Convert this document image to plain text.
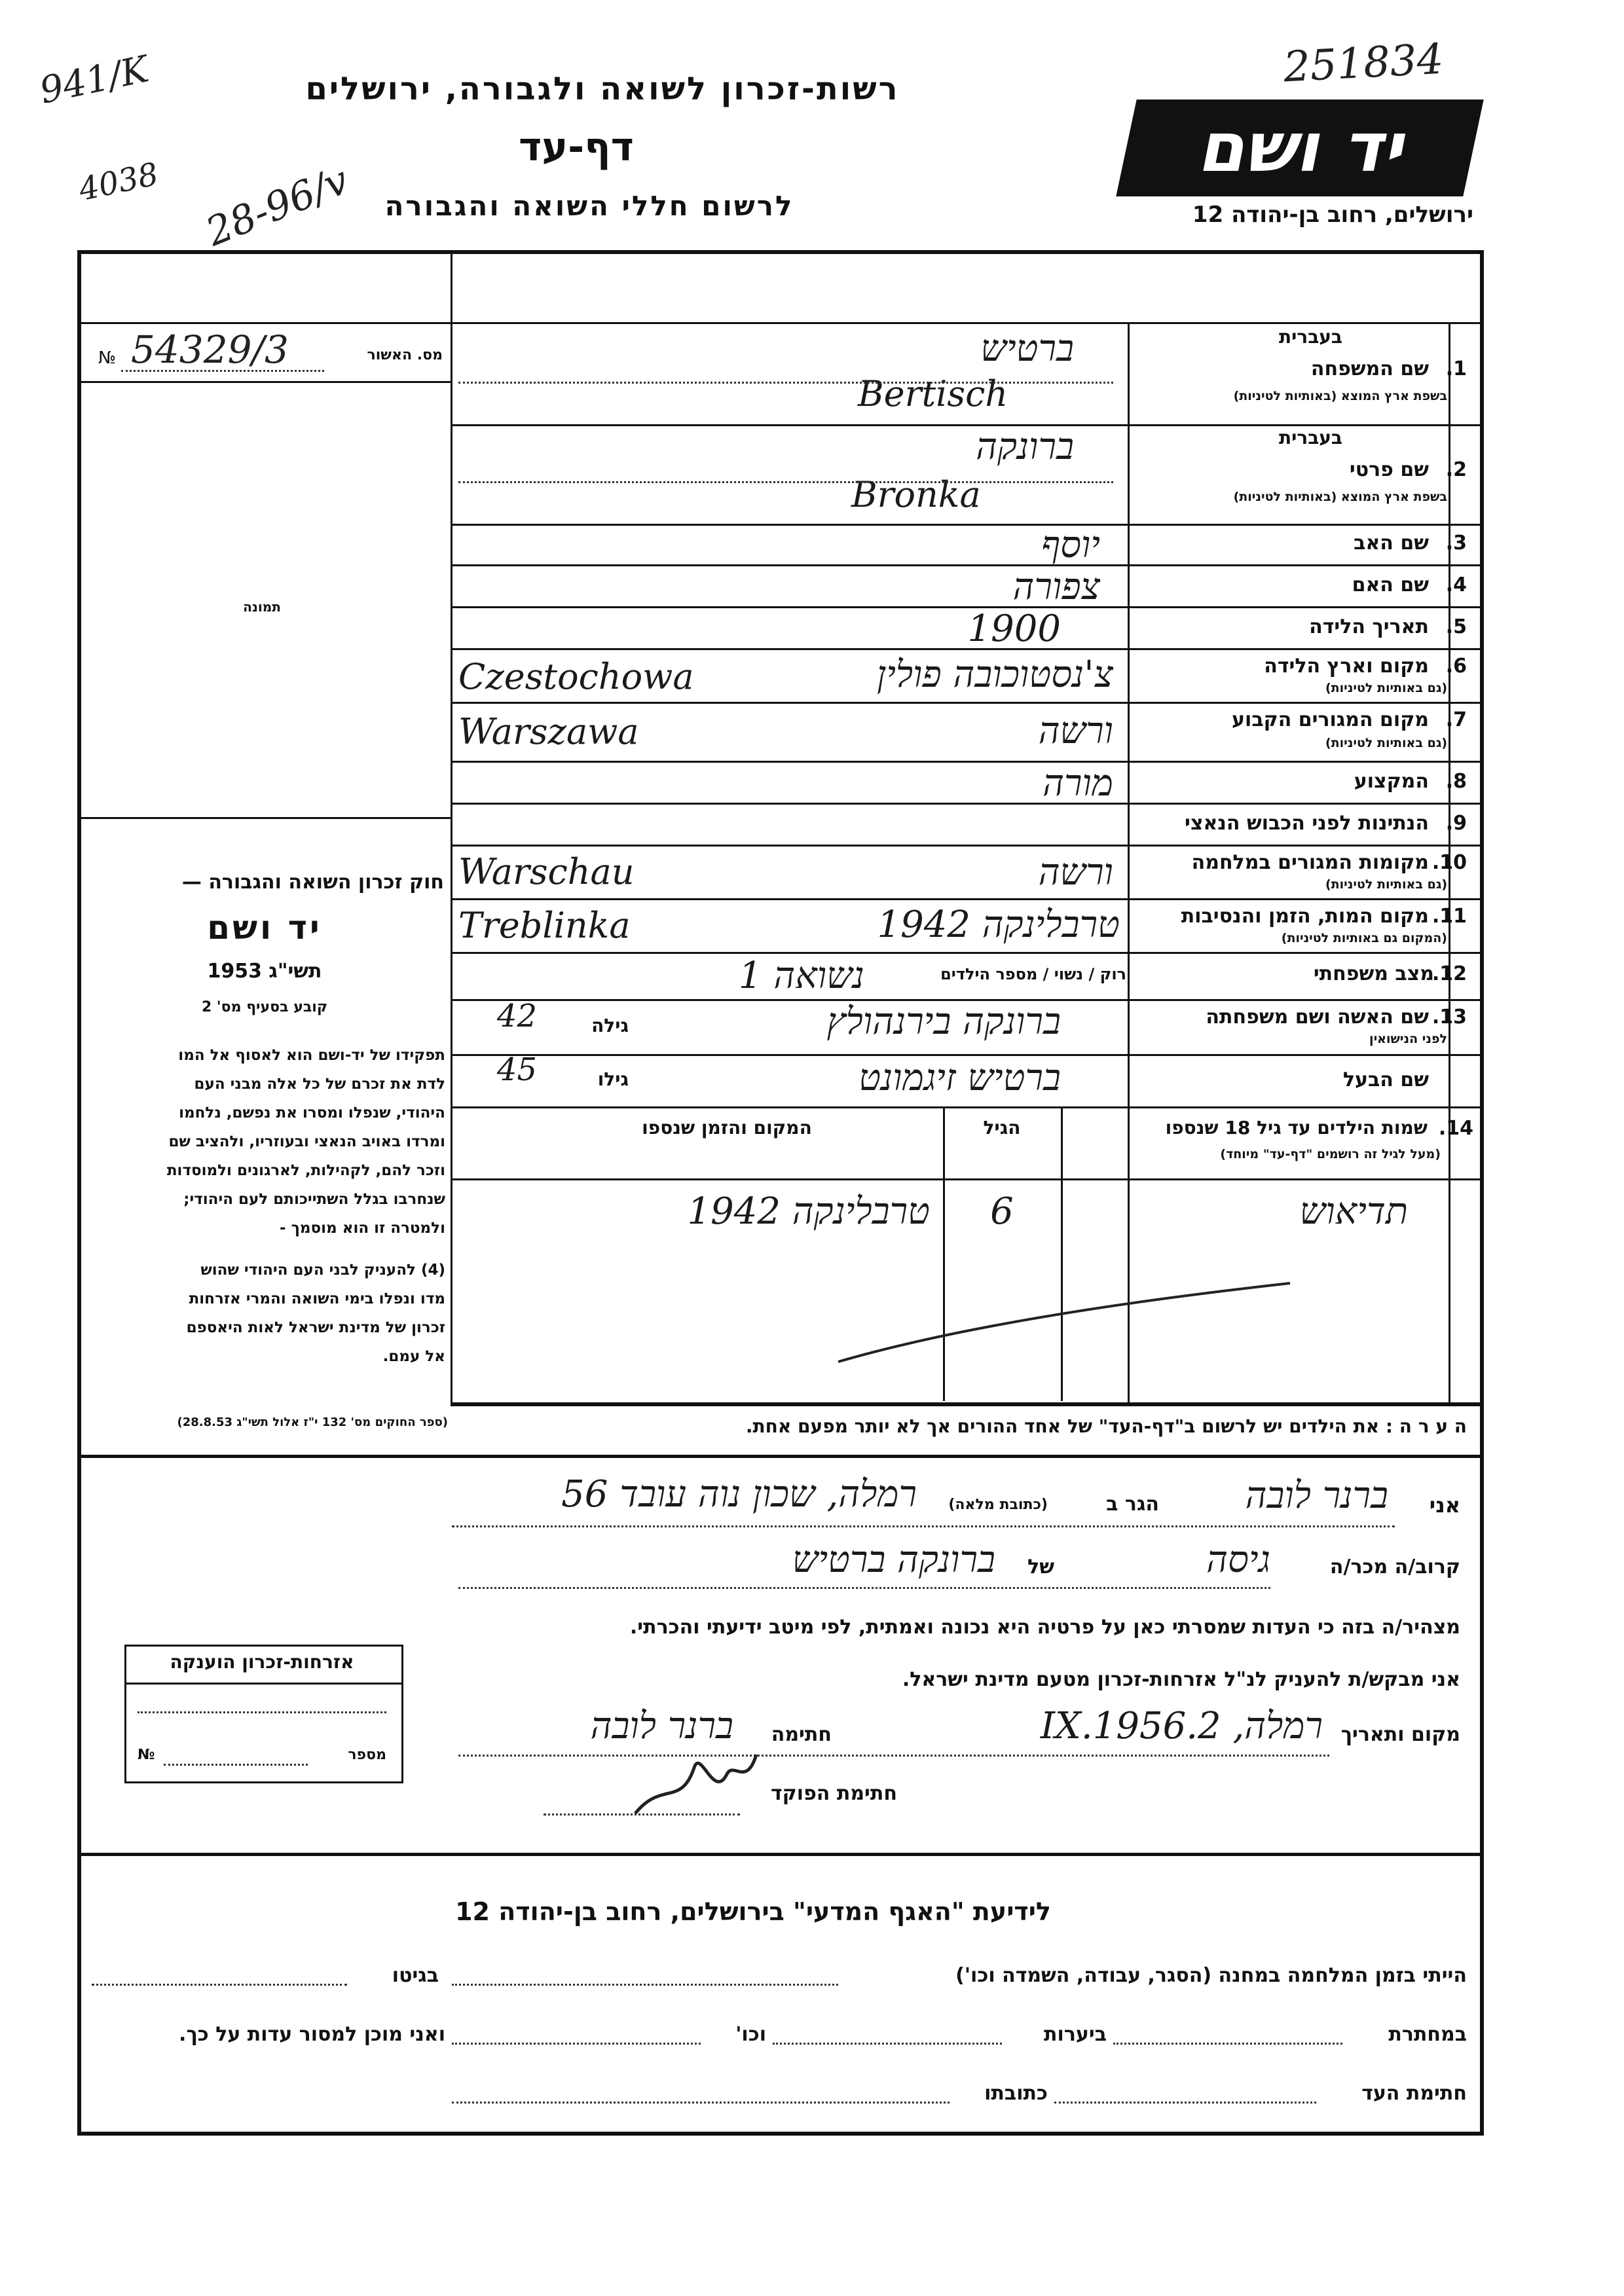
רשות-זכרון לשואה ולגבורה, ירושלים
דף-עד
לרשום חללי השואה והגבורה
יד ושם
ירושלים, רחוב בן-יהודה 12
251834
941/K
4038 28-96/v
№ 54329/3	מס. האשור
תמונה
חוק זכרון השואה והגבורה —
יד ושם
תשי"ג 1953
קובע בסעיף מס' 2
תפקידו של יד-ושם הוא לאסוף אל המו
לדת את זכרם של כל אלה מבני העם
היהודי, שנפלו ומסרו את נפשם, נלחמו
ומרדו באויב הנאצי ובעוזריו, ולהציב שם
וזכר להם, לקהילות, לארגונים ולמוסדות
שנחרבו בגלל השתייכותם לעם היהודי;
ולמטרה זו הוא מוסמך -
(4) להעניק לבני העם היהודי שהוש
מדו ונפלו בימי השואה והמרי אזרחות
זכרון של מדינת ישראל לאות היאספם
אל עמם.
(ספר החוקים מס' 132 י"ז אלול תשי"ג 28.8.53)
בעברית
שם המשפחה 1.
בשפת ארץ המוצא (באותיות לטיניות)
ברטיש
Bertisch
בעברית
שם פרטי 2.
בשפת ארץ המוצא (באותיות לטיניות)
ברונקה
Bronka
שם האב 3.
יוסף
שם האם 4.
צפורה
תאריך הלידה 5.
1900
מקום וארץ הלידה 6.
(גם באותיות לטיניות)
צ'נסטוכובה פולין
Czestochowa
מקום המגורים הקבוע 7.
(גם באותיות לטיניות)
ורשה
Warszawa
המקצוע 8.
מורה
הנתינות לפני הכבוש הנאצי 9.
מקומות המגורים במלחמה 10.
(גם באותיות לטיניות)
ורשה
Warschau
מקום המות, הזמן והנסיבות 11.
(המקום גם באותיות לטיניות)
טרבלינקה 1942
Treblinka
מצב משפחתי
12.
רוק / נשוי / מספר הילדים
נשואה 1
שם האשה ושם משפחתה 13.
לפני הנישואין
ברונקה בירנהולץ
גילה
42
שם הבעל
ברטיש זיגמונט
גילו
45
שמות הילדים עד גיל 18 שנספו 14.
(מעל לגיל זה רושמים "דף-עד" מיוחד)
הגיל
המקום והזמן שנספו
תדיאוש
6
טרבלינקה 1942
ה ע ר ה : את הילדים יש לרשום ב"דף-העד" של אחד ההורים אך לא יותר מפעם אחת.
אני
ברנר לובה
הגר ב
(כתובת מלאה)
רמלה, שכון נוה עובד 56
קרוב/ה מכר/ה
גיסה
של
ברונקה ברטיש
מצהיר/ה בזה כי העדות שמסרתי כאן על פרטיה היא נכונה ואמתית, לפי מיטב ידיעתי והכרתי.
אני מבקש/ת להעניק לנ"ל אזרחות-זכרון מטעם מדינת ישראל.
מקום ותאריך
רמלה, 2.IX.1956
חתימה
ברנר לובה
חתימת הפוקד
אזרחות-זכרון הוענקה
מספר
№
לידיעת "האגף המדעי" בירושלים, רחוב בן-יהודה 12
הייתי בזמן המלחמה במחנה (הסגר, עבודה, השמדה וכו')
בגיטו
במחתרת
ביערות
וכו'
ואני מוכן למסור עדות על כך.
חתימת העד
כתובתו
